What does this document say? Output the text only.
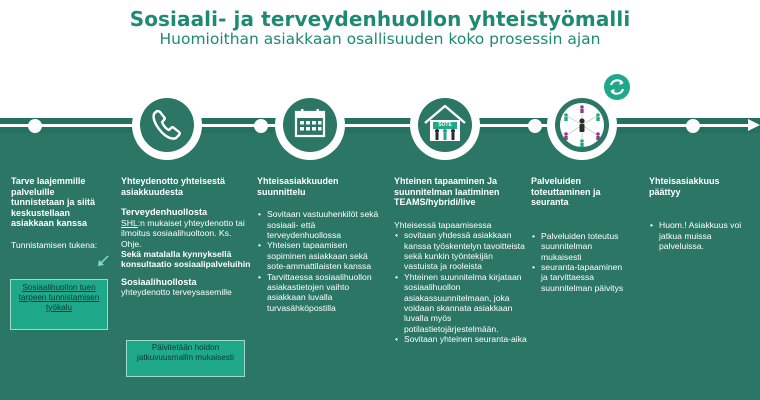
Sosiaali- ja terveydenhuollon yhteistyömalli
Huomioithan asiakkaan osallisuuden koko prosessin ajan
SOTE
Tarve laajemmille palveluille tunnistetaan ja siitä keskustellaan asiakkaan kanssa
Tunnistamisen tukena:
Sosiaalihuollon tuen tarpeen tunnistamisen työkalu
Yhteydenotto yhteisestä asiakkuudesta
Terveydenhuollosta
SHL:n mukaiset yhteydenotto tai ilmoitus sosiaalihuoltoon. Ks. Ohje.
Sekä matalalla kynnyksellä konsultaatio sosiaalipalveluihin
Sosiaalihuollosta
yhteydenotto terveysasemille
Päivitetään hoidon jatkuvuusmallin mukaisesti
Yhteisasiakkuuden suunnittelu
• Sovitaan vastuuhenkilöt sekä sosiaali- että terveydenhuollossa
• Yhteisen tapaamisen sopiminen asiakkaan sekä sote-ammattilaisten kanssa
• Tarvittaessa sosiaalihuollon asiakastietojen vaihto asiakkaan luvalla turvasähköpostilla
Yhteinen tapaaminen Ja suunnitelman laatiminen TEAMS/hybridi/live
Yhteisessä tapaamisessa
• sovitaan yhdessä asiakkaan kanssa työskentelyn tavoitteista sekä kunkin työntekijän vastuista ja rooleista
• Yhteinen suunnitelma kirjataan sosiaalihuollon asiakassuunnitelmaan, joka voidaan skannata asiakkaan luvalla myös potilastietojärjestelmään.
• Sovitaan yhteinen seuranta-aika
Palveluiden toteuttaminen ja seuranta
• Palveluiden toteutus suunnitelman mukaisesti
• seuranta-tapaaminen ja tarvittaessa suunnitelman päivitys
Yhteisasiakkuus päättyy
• Huom.! Asiakkuus voi jatkua muissa palveluissa.
